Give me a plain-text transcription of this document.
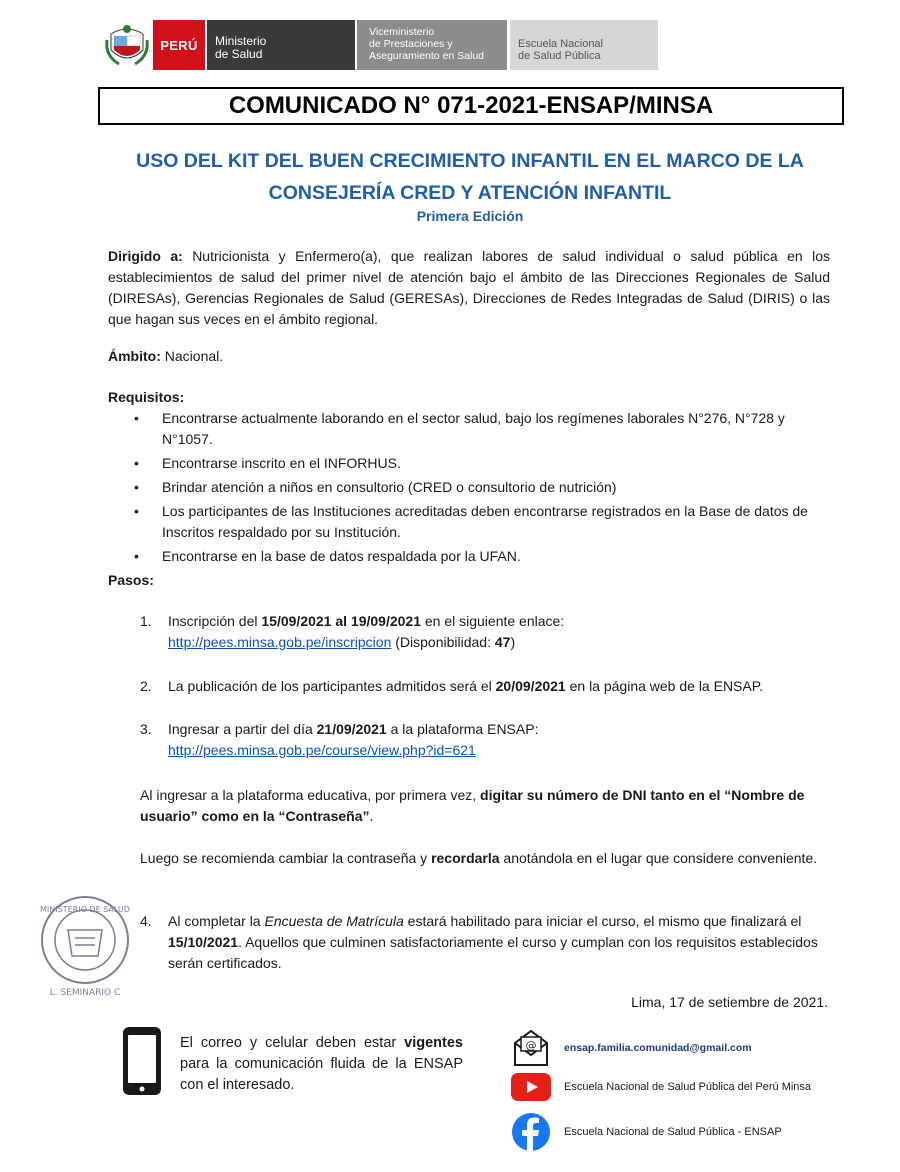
PERÚ	Ministerio
de Salud
Viceministerio
de Prestaciones y
Aseguramiento en Salud
Escuela Nacional
de Salud Pública
COMUNICADO N° 071-2021-ENSAP/MINSA
USO DEL KIT DEL BUEN CRECIMIENTO INFANTIL EN EL MARCO DE LA
CONSEJERÍA CRED Y ATENCIÓN INFANTIL
Primera Edición
Dirigido a: Nutricionista y Enfermero(a), que realizan labores de salud individual o salud pública en los establecimientos de salud del primer nivel de atención bajo el ámbito de las Direcciones Regionales de Salud (DIRESAs), Gerencias Regionales de Salud (GERESAs), Direcciones de Redes Integradas de Salud (DIRIS) o las que hagan sus veces en el ámbito regional.
Ámbito: Nacional.
Requisitos:
• Encontrarse actualmente laborando en el sector salud, bajo los regímenes laborales N°276, N°728 y N°1057.
• Encontrarse inscrito en el INFORHUS.
• Brindar atención a niños en consultorio (CRED o consultorio de nutrición)
• Los participantes de las Instituciones acreditadas deben encontrarse registrados en la Base de datos de Inscritos respaldado por su Institución.
• Encontrarse en la base de datos respaldada por la UFAN.
Pasos:
1.	Inscripción del 15/09/2021 al 19/09/2021 en el siguiente enlace:
http://pees.minsa.gob.pe/inscripcion (Disponibilidad: 47)
2.	La publicación de los participantes admitidos será el 20/09/2021 en la página web de la ENSAP.
3.	Ingresar a partir del día 21/09/2021 a la plataforma ENSAP:
http://pees.minsa.gob.pe/course/view.php?id=621
Al ingresar a la plataforma educativa, por primera vez, digitar su número de DNI tanto en el “Nombre de usuario” como en la “Contraseña”.
Luego se recomienda cambiar la contraseña y recordarla anotándola en el lugar que considere conveniente.
MINISTERIO DE SALUD
L. SEMINARIO C
4.	Al completar la Encuesta de Matrícula estará habilitado para iniciar el curso, el mismo que finalizará el 15/10/2021. Aquellos que culminen satisfactoriamente el curso y cumplan con los requisitos establecidos serán certificados.
Lima, 17 de setiembre de 2021.
El correo y celular deben estar vigentes para la comunicación fluida de la ENSAP con el interesado.
@	ensap.familia.comunidad@gmail.com
Escuela Nacional de Salud Pública del Perú Minsa
Escuela Nacional de Salud Pública - ENSAP
